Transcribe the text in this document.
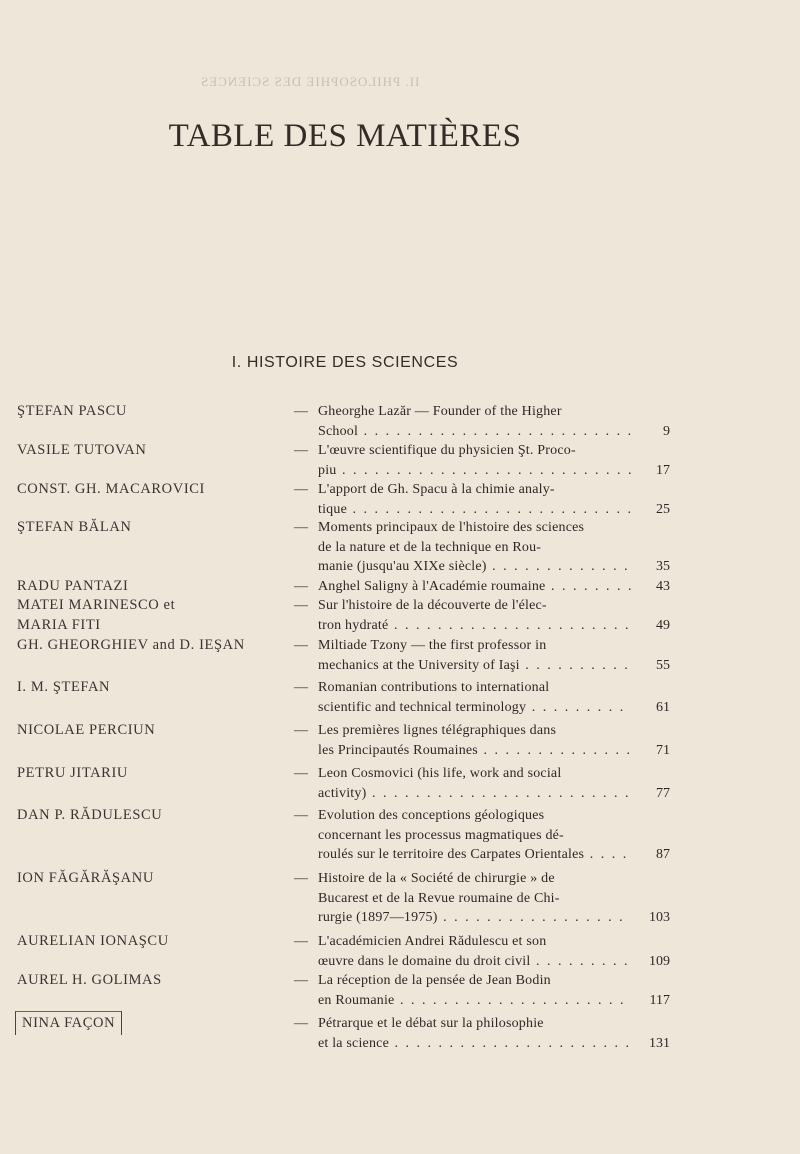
II. PHILOSOPHIE DES SCIENCES
TABLE DES MATIÈRES
I. HISTOIRE DES SCIENCES
ŞTEFAN PASCU	— Gheorghe Lazăr — Founder of the Higher
School . . .	9
VASILE TUTOVAN	— L'œuvre scientifique du physicien Şt. Proco-
piu . . .	17
CONST. GH. MACAROVICI	— L'apport de Gh. Spacu à la chimie analy-
tique . . .	25
ŞTEFAN BĂLAN	— Moments principaux de l'histoire des sciences
de la nature et de la technique en Rou-
manie (jusqu'au XIXe siècle) . . .	35
RADU PANTAZI	— Anghel Saligny à l'Académie roumaine . . .	43
MATEI MARINESCO et
MARIA FITI
— Sur l'histoire de la découverte de l'élec-
tron hydraté . . .	49
GH. GHEORGHIEV and D. IEŞAN	— Miltiade Tzony — the first professor in
mechanics at the University of Iaşi . . .	55
I. M. ŞTEFAN	— Romanian contributions to international
scientific and technical terminology . . .	61
NICOLAE PERCIUN	— Les premières lignes télégraphiques dans
les Principautés Roumaines . . .	71
PETRU JITARIU	— Leon Cosmovici (his life, work and social
activity) . . .	77
DAN P. RĂDULESCU	— Evolution des conceptions géologiques
concernant les processus magmatiques dé-
roulés sur le territoire des Carpates Orientales . . .	87
ION FĂGĂRĂŞANU	— Histoire de la « Société de chirurgie » de
Bucarest et de la Revue roumaine de Chi-
rurgie (1897—1975) . . .	103
AURELIAN IONAŞCU	— L'académicien Andrei Rădulescu et son
œuvre dans le domaine du droit civil . . .	109
AUREL H. GOLIMAS	— La réception de la pensée de Jean Bodin
en Roumanie . . .	117
NINA FAÇON	— Pétrarque et le débat sur la philosophie
et la science . . .	131
